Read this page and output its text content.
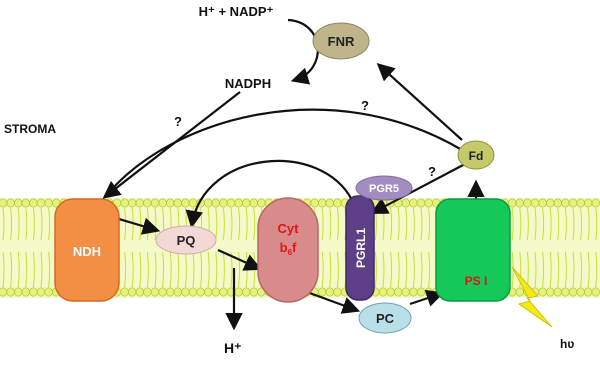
NDH
Cyt
$b_6f$	PGRL1
PGR5
PS I
PQ
PC
FNR
Fd
H⁺ + NADP⁺
NADPH
STROMA	?
?
?
H⁺	hʋ
